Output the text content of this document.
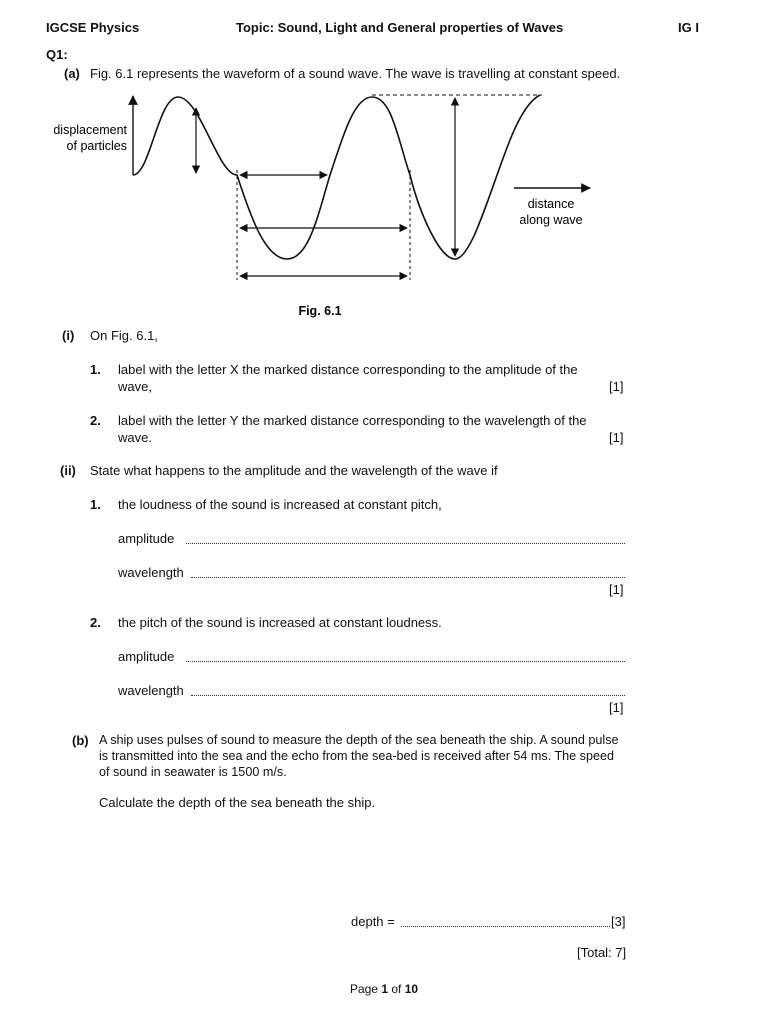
IGCSE Physics	Topic: Sound, Light and General properties of Waves	IG I
Q1:
(a) Fig. 6.1 represents the waveform of a sound wave. The wave is travelling at constant speed.
displacement
of particles
distance
along wave
Fig. 6.1
(i) On Fig. 6.1,
1. label with the letter X the marked distance corresponding to the amplitude of the
wave,	[1]
2. label with the letter Y the marked distance corresponding to the wavelength of the
wave.	[1]
(ii) State what happens to the amplitude and the wavelength of the wave if
1. the loudness of the sound is increased at constant pitch,
amplitude
wavelength
[1]
2. the pitch of the sound is increased at constant loudness.
amplitude
wavelength
[1]
(b) A ship uses pulses of sound to measure the depth of the sea beneath the ship. A sound pulse
is transmitted into the sea and the echo from the sea-bed is received after 54 ms. The speed
of sound in seawater is 1500 m/s.
Calculate the depth of the sea beneath the ship.
depth =	[3]
[Total: 7]
Page 1 of 10
